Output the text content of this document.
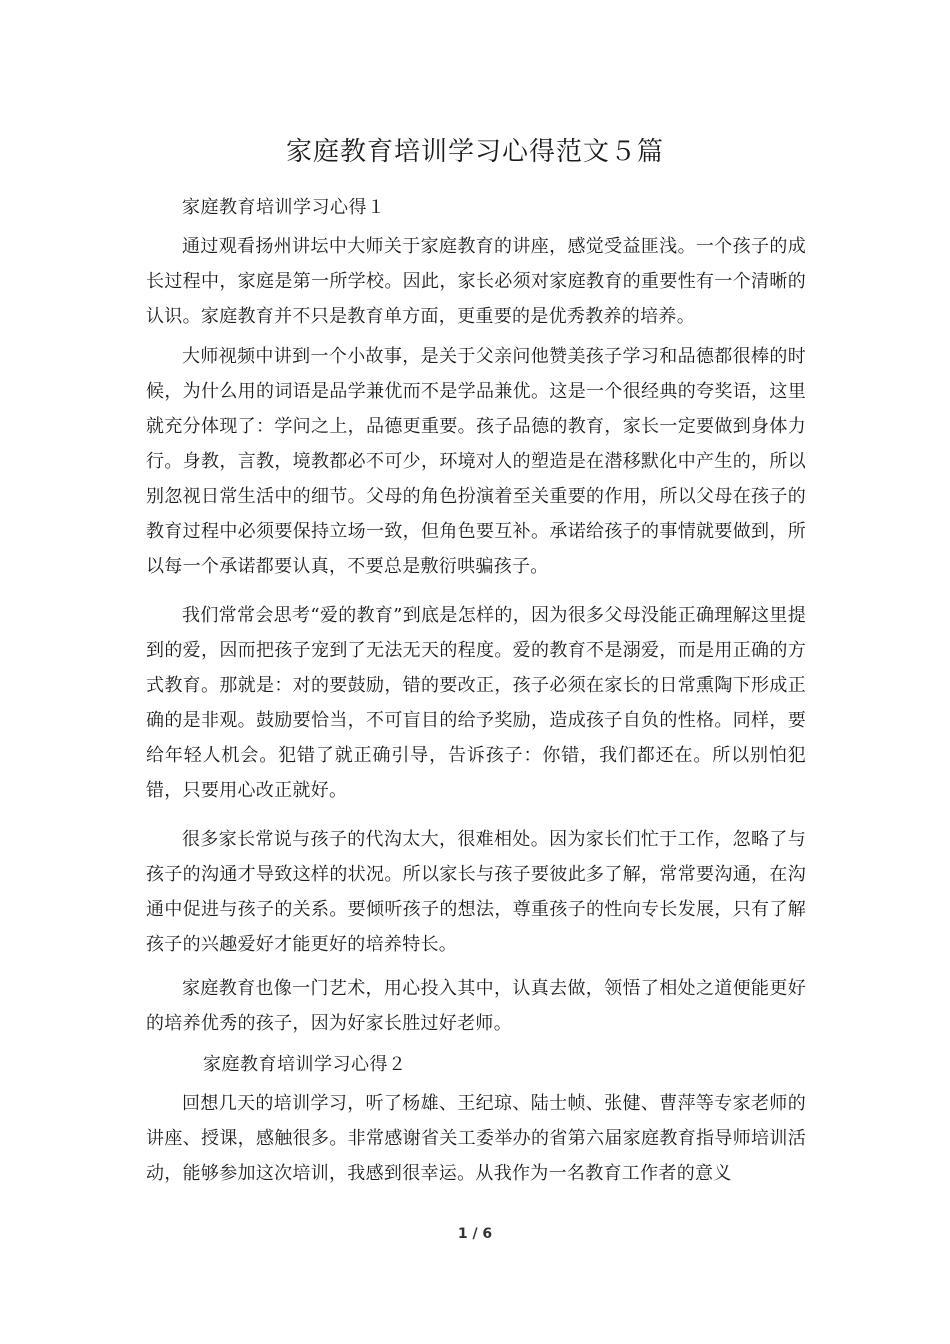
家庭教育培训学习心得范文５篇
家庭教育培训学习心得１

通过观看扬州讲坛中大师关于家庭教育的讲座，感觉受益匪浅。一个孩子的成长过程中，家庭是第一所学校。因此，家长必须对家庭教育的重要性有一个清晰的认识。家庭教育并不只是教育单方面，更重要的是优秀教养的培养。

大师视频中讲到一个小故事，是关于父亲问他赞美孩子学习和品德都很棒的时候，为什么用的词语是品学兼优而不是学品兼优。这是一个很经典的夸奖语，这里就充分体现了：学问之上，品德更重要。孩子品德的教育，家长一定要做到身体力行。身教，言教，境教都必不可少，环境对人的塑造是在潜移默化中产生的，所以别忽视日常生活中的细节。父母的角色扮演着至关重要的作用，所以父母在孩子的教育过程中必须要保持立场一致，但角色要互补。承诺给孩子的事情就要做到，所以每一个承诺都要认真，不要总是敷衍哄骗孩子。

我们常常会思考“爱的教育”到底是怎样的，因为很多父母没能正确理解这里提到的爱，因而把孩子宠到了无法无天的程度。爱的教育不是溺爱，而是用正确的方式教育。那就是：对的要鼓励，错的要改正，孩子必须在家长的日常熏陶下形成正确的是非观。鼓励要恰当，不可盲目的给予奖励，造成孩子自负的性格。同样，要给年轻人机会。犯错了就正确引导，告诉孩子：你错，我们都还在。所以别怕犯错，只要用心改正就好。

很多家长常说与孩子的代沟太大，很难相处。因为家长们忙于工作，忽略了与孩子的沟通才导致这样的状况。所以家长与孩子要彼此多了解，常常要沟通，在沟通中促进与孩子的关系。要倾听孩子的想法，尊重孩子的性向专长发展，只有了解孩子的兴趣爱好才能更好的培养特长。

家庭教育也像一门艺术，用心投入其中，认真去做，领悟了相处之道便能更好的培养优秀的孩子，因为好家长胜过好老师。

家庭教育培训学习心得２

回想几天的培训学习，听了杨雄、王纪琼、陆士帧、张健、曹萍等专家老师的讲座、授课，感触很多。非常感谢省关工委举办的省第六届家庭教育指导师培训活动，能够参加这次培训，我感到很幸运。从我作为一名教育工作者的意义

1 / 6
